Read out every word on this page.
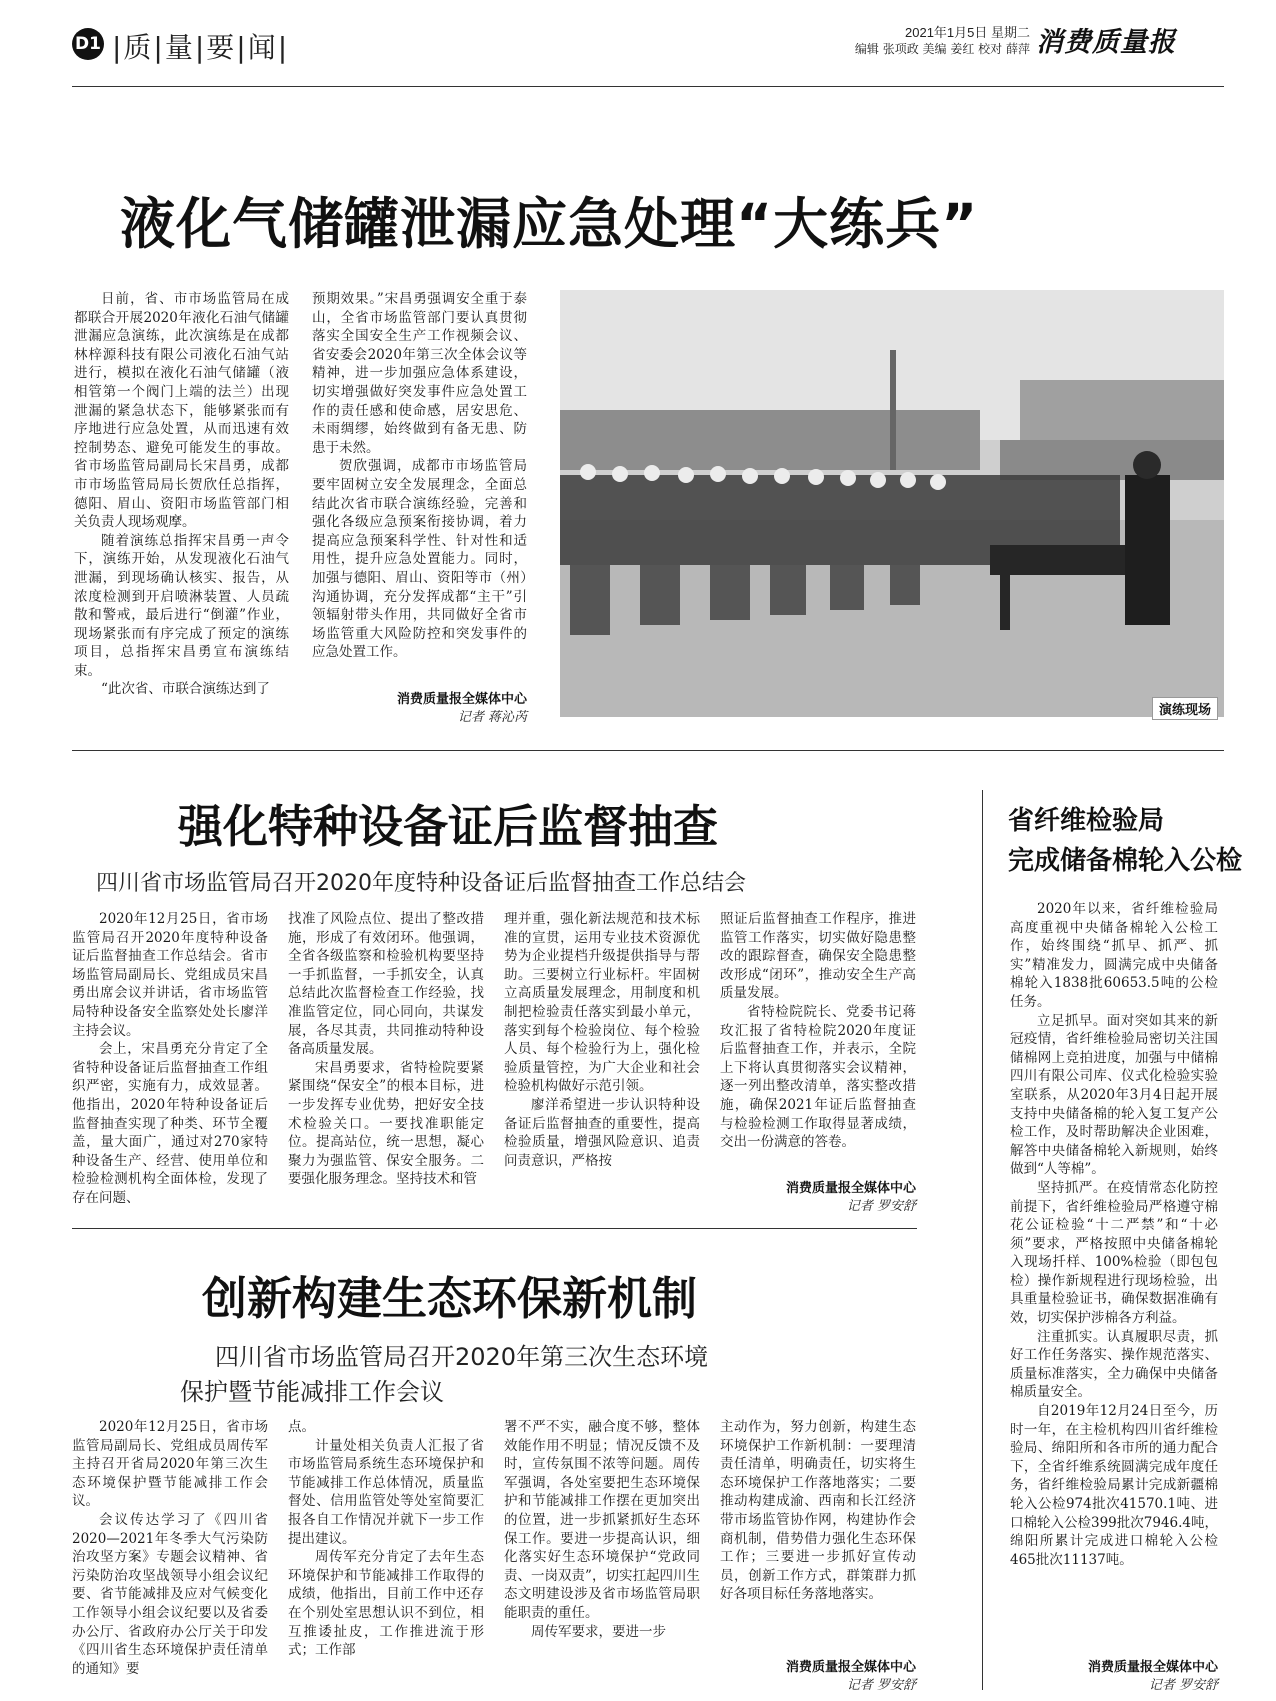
D1 |质|量|要|闻|	2021年1月5日 星期二
编辑 张项政 美编 姜红 校对 薛萍 消费质量报
液化气储罐泄漏应急处理“大练兵”

日前，省、市市场监管局在成都联合开展2020年液化石油气储罐泄漏应急演练，此次演练是在成都林梓源科技有限公司液化石油气站进行，模拟在液化石油气储罐（液相管第一个阀门上端的法兰）出现泄漏的紧急状态下，能够紧张而有序地进行应急处置，从而迅速有效控制势态、避免可能发生的事故。省市场监管局副局长宋昌勇，成都市市场监管局局长贺欣任总指挥，德阳、眉山、资阳市场监管部门相关负责人现场观摩。

随着演练总指挥宋昌勇一声令下，演练开始，从发现液化石油气泄漏，到现场确认核实、报告，从浓度检测到开启喷淋装置、人员疏散和警戒，最后进行“倒灌”作业，现场紧张而有序完成了预定的演练项目，总指挥宋昌勇宣布演练结束。

“此次省、市联合演练达到了

预期效果。”宋昌勇强调安全重于泰山，全省市场监管部门要认真贯彻落实全国安全生产工作视频会议、省安委会2020年第三次全体会议等精神，进一步加强应急体系建设，切实增强做好突发事件应急处置工作的责任感和使命感，居安思危、未雨绸缪，始终做到有备无患、防患于未然。

贺欣强调，成都市市场监管局要牢固树立安全发展理念，全面总结此次省市联合演练经验，完善和强化各级应急预案衔接协调，着力提高应急预案科学性、针对性和适用性，提升应急处置能力。同时，加强与德阳、眉山、资阳等市（州）沟通协调，充分发挥成都“主干”引领辐射带头作用，共同做好全省市场监管重大风险防控和突发事件的应急处置工作。

消费质量报全媒体中心
记者 蒋沁芮	演练现场
强化特种设备证后监督抽查
四川省市场监管局召开2020年度特种设备证后监督抽查工作总结会

2020年12月25日，省市场监管局召开2020年度特种设备证后监督抽查工作总结会。省市场监管局副局长、党组成员宋昌勇出席会议并讲话，省市场监管局特种设备安全监察处处长廖洋主持会议。

会上，宋昌勇充分肯定了全省特种设备证后监督抽查工作组织严密，实施有力，成效显著。他指出，2020年特种设备证后监督抽查实现了种类、环节全覆盖，量大面广，通过对270家特种设备生产、经营、使用单位和检验检测机构全面体检，发现了存在问题、

找准了风险点位、提出了整改措施，形成了有效闭环。他强调，全省各级监察和检验机构要坚持一手抓监督，一手抓安全，认真总结此次监督检查工作经验，找准监管定位，同心同向，共谋发展，各尽其责，共同推动特种设备高质量发展。

宋昌勇要求，省特检院要紧紧围绕“保安全”的根本目标，进一步发挥专业优势，把好安全技术检验关口。一要找准职能定位。提高站位，统一思想，凝心聚力为强监管、保安全服务。二要强化服务理念。坚持技术和管

理并重，强化新法规范和技术标准的宣贯，运用专业技术资源优势为企业提档升级提供指导与帮助。三要树立行业标杆。牢固树立高质量发展理念，用制度和机制把检验责任落实到最小单元，落实到每个检验岗位、每个检验人员、每个检验行为上，强化检验质量管控，为广大企业和社会检验机构做好示范引领。

廖洋希望进一步认识特种设备证后监督抽查的重要性，提高检验质量，增强风险意识、追责问责意识，严格按

照证后监督抽查工作程序，推进监管工作落实，切实做好隐患整改的跟踪督查，确保安全隐患整改形成“闭环”，推动安全生产高质量发展。

省特检院院长、党委书记蒋玫汇报了省特检院2020年度证后监督抽查工作，并表示，全院上下将认真贯彻落实会议精神，逐一列出整改清单，落实整改措施，确保2021年证后监督抽查与检验检测工作取得显著成绩，交出一份满意的答卷。

消费质量报全媒体中心
记者 罗安舒
创新构建生态环保新机制
四川省市场监管局召开2020年第三次生态环境
保护暨节能减排工作会议

2020年12月25日，省市场监管局副局长、党组成员周传军主持召开省局2020年第三次生态环境保护暨节能减排工作会议。

会议传达学习了《四川省2020—2021年冬季大气污染防治攻坚方案》专题会议精神、省污染防治攻坚战领导小组会议纪要、省节能减排及应对气候变化工作领导小组会议纪要以及省委办公厅、省政府办公厅关于印发《四川省生态环境保护责任清单的通知》要

点。

计量处相关负责人汇报了省市场监管局系统生态环境保护和节能减排工作总体情况，质量监督处、信用监管处等处室简要汇报各自工作情况并就下一步工作提出建议。

周传军充分肯定了去年生态环境保护和节能减排工作取得的成绩，他指出，目前工作中还存在个别处室思想认识不到位，相互推诿扯皮，工作推进流于形式；工作部

署不严不实，融合度不够，整体效能作用不明显；情况反馈不及时，宣传氛围不浓等问题。周传军强调，各处室要把生态环境保护和节能减排工作摆在更加突出的位置，进一步抓紧抓好生态环保工作。要进一步提高认识，细化落实好生态环境保护“党政同责、一岗双责”，切实扛起四川生态文明建设涉及省市场监管局职能职责的重任。

周传军要求，要进一步

主动作为，努力创新，构建生态环境保护工作新机制：一要理清责任清单，明确责任，切实将生态环境保护工作落地落实；二要推动构建成渝、西南和长江经济带市场监管协作网，构建协作会商机制，借势借力强化生态环保工作；三要进一步抓好宣传动员，创新工作方式，群策群力抓好各项目标任务落地落实。

消费质量报全媒体中心
记者 罗安舒
省纤维检验局
完成储备棉轮入公检

2020年以来，省纤维检验局高度重视中央储备棉轮入公检工作，始终围绕“抓早、抓严、抓实”精准发力，圆满完成中央储备棉轮入1838批60653.5吨的公检任务。

立足抓早。面对突如其来的新冠疫情，省纤维检验局密切关注国储棉网上竞拍进度，加强与中储棉四川有限公司库、仪式化检验实验室联系，从2020年3月4日起开展支持中央储备棉的轮入复工复产公检工作，及时帮助解决企业困难，解答中央储备棉轮入新规则，始终做到“人等棉”。

坚持抓严。在疫情常态化防控前提下，省纤维检验局严格遵守棉花公证检验“十二严禁”和“十必须”要求，严格按照中央储备棉轮入现场扦样、100%检验（即包包检）操作新规程进行现场检验，出具重量检验证书，确保数据准确有效，切实保护涉棉各方利益。

注重抓实。认真履职尽责，抓好工作任务落实、操作规范落实、质量标准落实，全力确保中央储备棉质量安全。

自2019年12月24日至今，历时一年，在主检机构四川省纤维检验局、绵阳所和各市所的通力配合下，全省纤维系统圆满完成年度任务，省纤维检验局累计完成新疆棉轮入公检974批次41570.1吨、进口棉轮入公检399批次7946.4吨，绵阳所累计完成进口棉轮入公检465批次11137吨。

消费质量报全媒体中心
记者 罗安舒
